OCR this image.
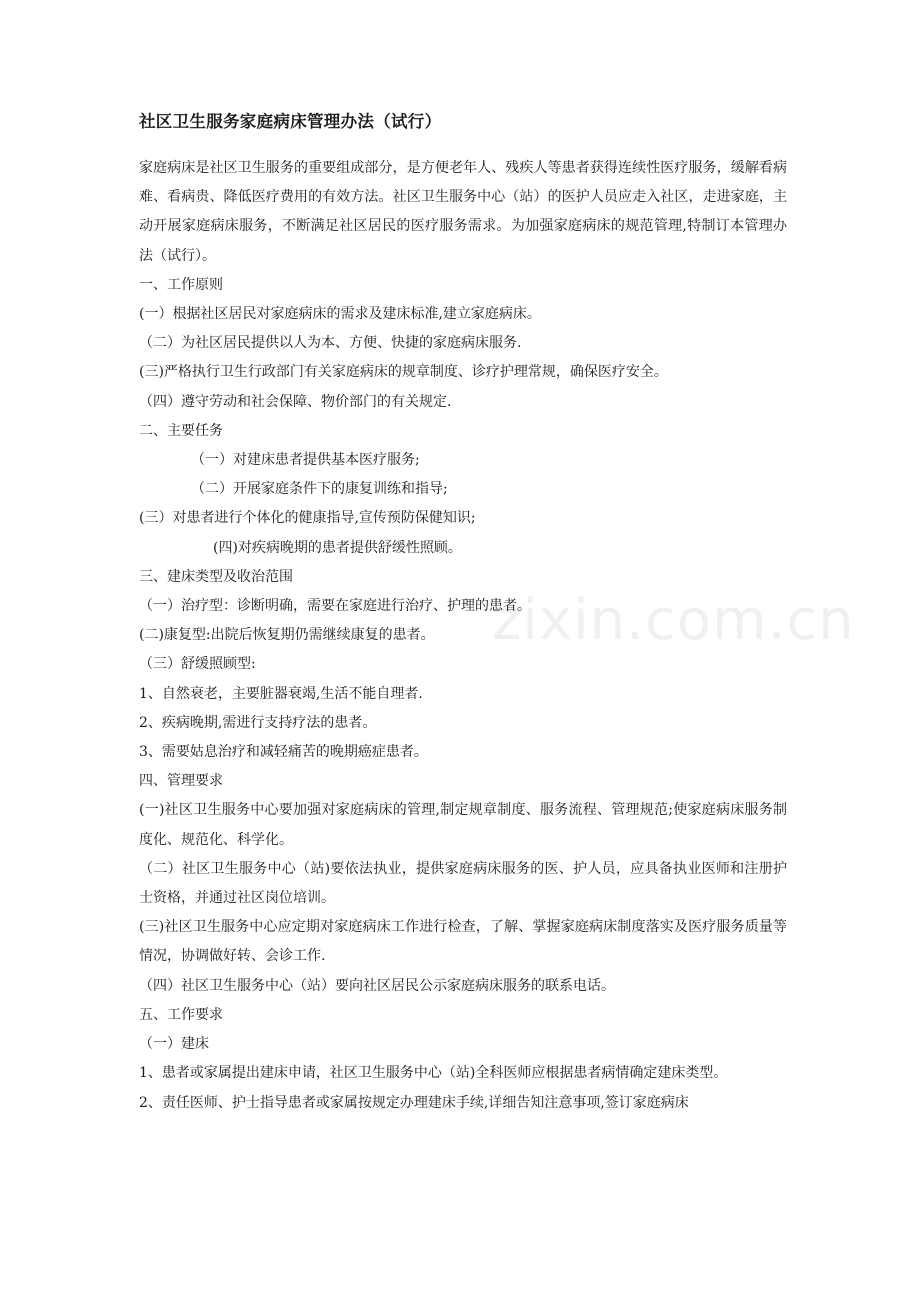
社区卫生服务家庭病床管理办法（试行）

家庭病床是社区卫生服务的重要组成部分，是方便老年人、残疾人等患者获得连续性医疗服务，缓解看病难、看病贵、降低医疗费用的有效方法。社区卫生服务中心（站）的医护人员应走入社区，走进家庭，主动开展家庭病床服务，不断满足社区居民的医疗服务需求。为加强家庭病床的规范管理,特制订本管理办法（试行）。

一、工作原则

(一）根据社区居民对家庭病床的需求及建床标准,建立家庭病床。

（二）为社区居民提供以人为本、方便、快捷的家庭病床服务.

(三)严格执行卫生行政部门有关家庭病床的规章制度、诊疗护理常规，确保医疗安全。

（四）遵守劳动和社会保障、物价部门的有关规定.

二、主要任务

（一）对建床患者提供基本医疗服务;

（二）开展家庭条件下的康复训练和指导;

(三）对患者进行个体化的健康指导,宣传预防保健知识;

(四)对疾病晚期的患者提供舒缓性照顾。

三、建床类型及收治范围

（一）治疗型：诊断明确，需要在家庭进行治疗、护理的患者。

(二)康复型:出院后恢复期仍需继续康复的患者。

（三）舒缓照顾型:

1、自然衰老，主要脏器衰竭,生活不能自理者.

2、疾病晚期,需进行支持疗法的患者。

3、需要姑息治疗和减轻痛苦的晚期癌症患者。

四、管理要求

(一)社区卫生服务中心要加强对家庭病床的管理,制定规章制度、服务流程、管理规范;使家庭病床服务制度化、规范化、科学化。

（二）社区卫生服务中心（站)要依法执业，提供家庭病床服务的医、护人员，应具备执业医师和注册护士资格，并通过社区岗位培训。

(三)社区卫生服务中心应定期对家庭病床工作进行检查，了解、掌握家庭病床制度落实及医疗服务质量等情况，协调做好转、会诊工作.

（四）社区卫生服务中心（站）要向社区居民公示家庭病床服务的联系电话。

五、工作要求

（一）建床

1、患者或家属提出建床申请，社区卫生服务中心（站)全科医师应根据患者病情确定建床类型。

2、责任医师、护士指导患者或家属按规定办理建床手续,详细告知注意事项,签订家庭病床

zixin.com.cn
